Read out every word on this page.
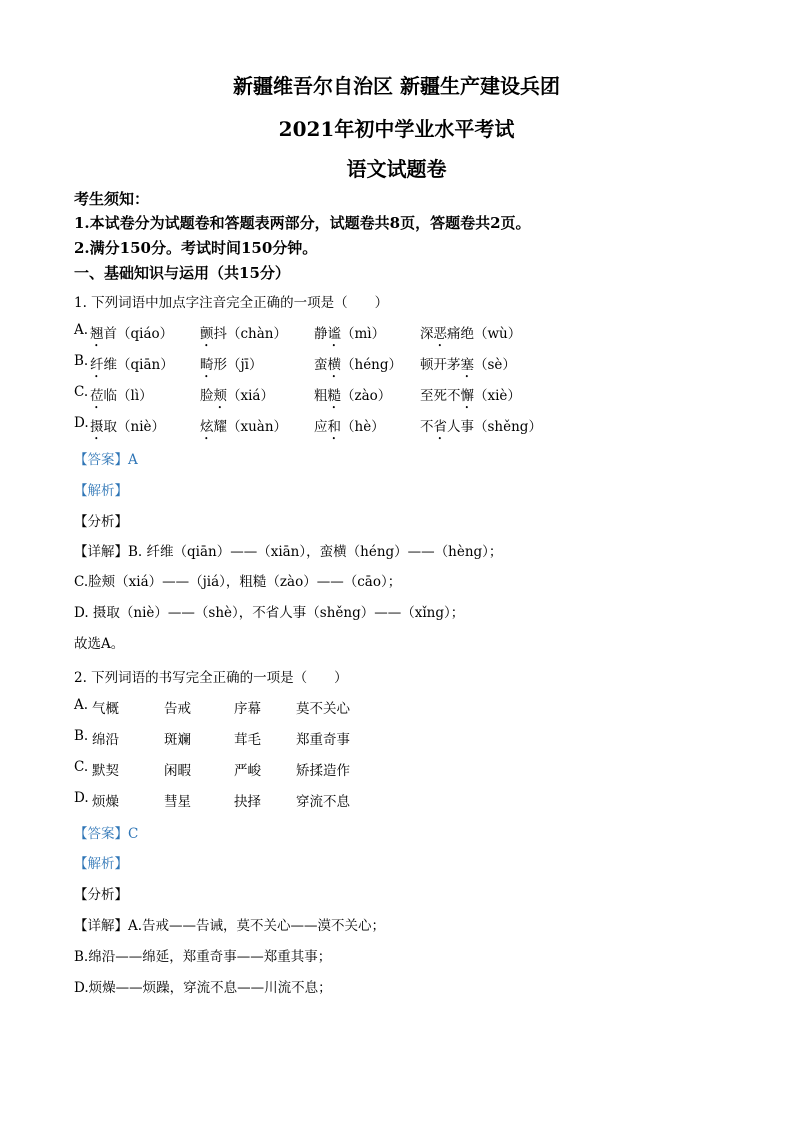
新疆维吾尔自治区 新疆生产建设兵团
2021年初中学业水平考试
语文试题卷
考生须知：
1.本试卷分为试题卷和答题表两部分，试题卷共8页，答题卷共2页。
2.满分150分。考试时间150分钟。
一、基础知识与运用（共15分）
1. 下列词语中加点字注音完全正确的一项是（　　）
【答案】A
【解析】
【分析】
【详解】B. 纤维（qiān）——（xiān），蛮横（héng）——（hèng）；
C.脸颊（xiá）——（jiá），粗糙（zào）——（cāo）；
D. 摄取（niè）——（shè），不省人事（shěng）——（xǐng）；
故选A。
2. 下列词语的书写完全正确的一项是（　　）
【答案】C
【解析】
【分析】
【详解】A.告戒——告诫，莫不关心——漠不关心；
B.绵沿——绵延，郑重奇事——郑重其事；
D.烦燥——烦躁，穿流不息——川流不息；
A. 翘首（qiáo） 颤抖（chàn） 静谧（mì）	深恶痛绝（wù）
B. 纤维（qiān） 畸形（jī）	蛮横（héng） 顿开茅塞（sè）
C. 莅临（lì）	脸颊（xiá）	粗糙（zào） 至死不懈（xiè）
D. 摄取（niè）	炫耀（xuàn） 应和（hè）	不省人事（shěng）
A. 气概	告戒	序幕	莫不关心
B. 绵沿	斑斓	茸毛	郑重奇事
C. 默契	闲暇	严峻	矫揉造作
D. 烦燥	彗星	抉择	穿流不息
